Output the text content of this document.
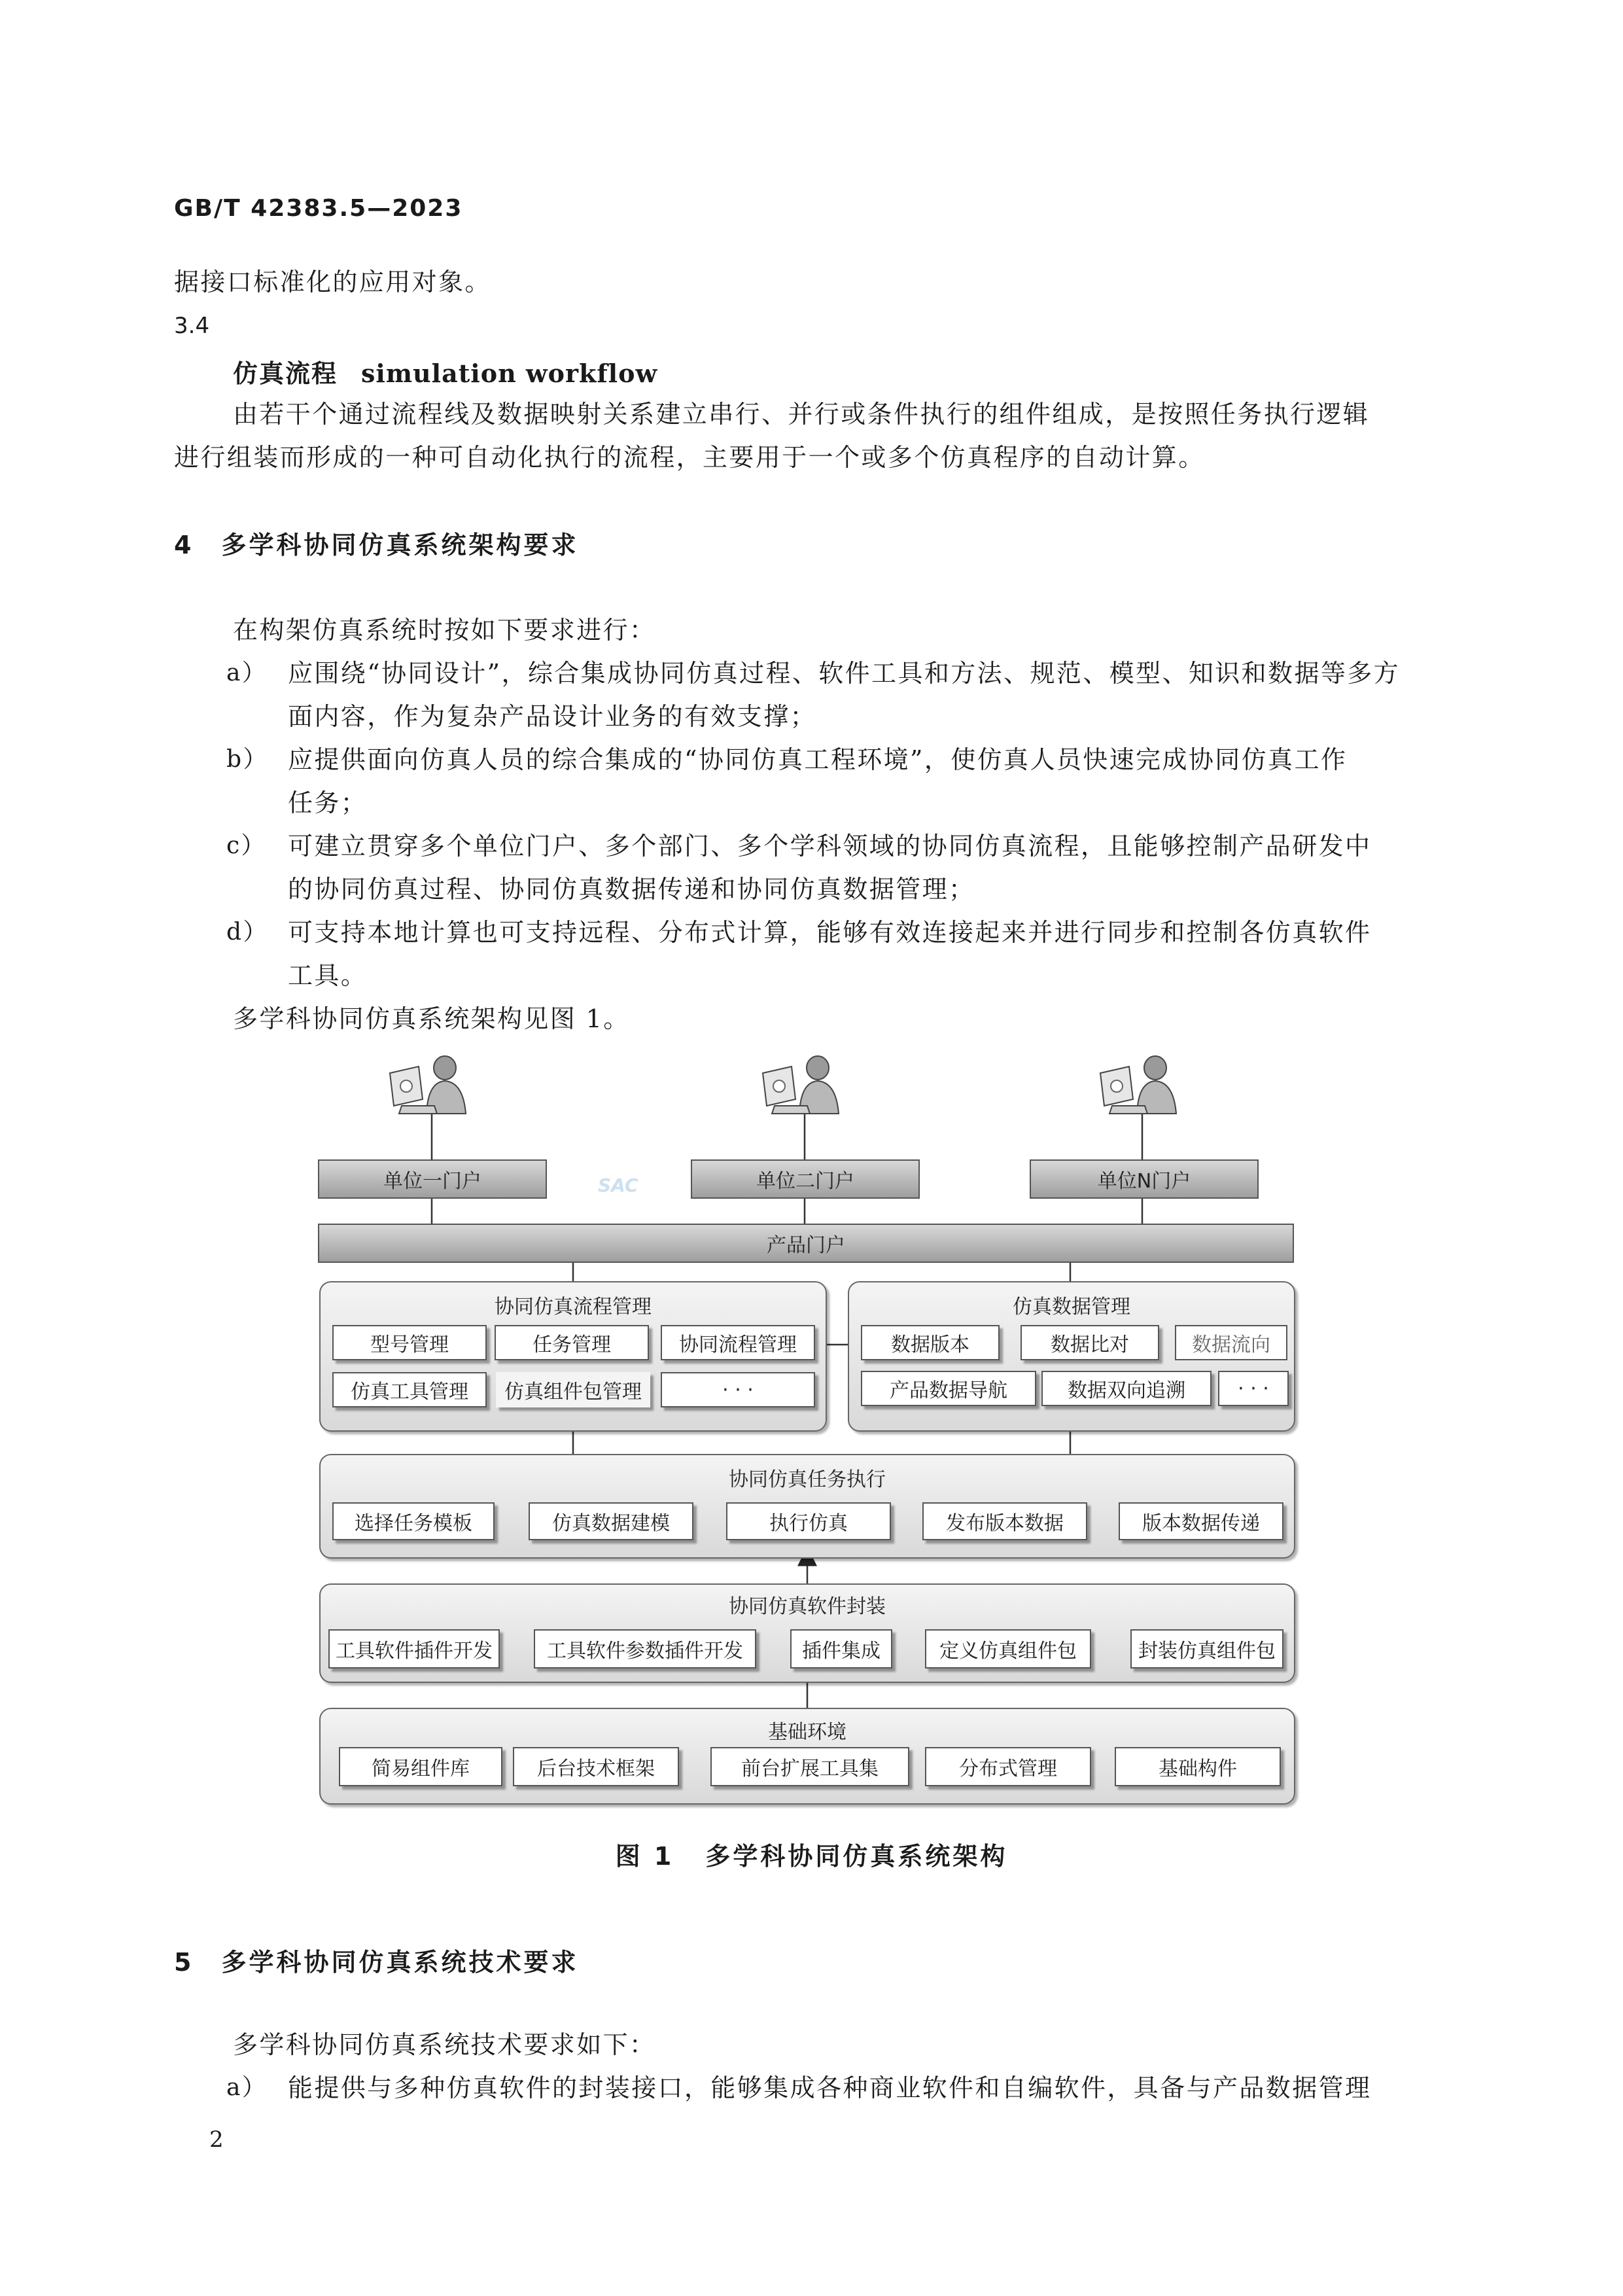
GB/T 42383.5—2023
据接口标准化的应用对象。
3.4
仿真流程 simulation workflow
由若干个通过流程线及数据映射关系建立串行、并行或条件执行的组件组成，是按照任务执行逻辑
进行组装而形成的一种可自动化执行的流程，主要用于一个或多个仿真程序的自动计算。
4 多学科协同仿真系统架构要求
在构架仿真系统时按如下要求进行：
a） 应围绕“协同设计”，综合集成协同仿真过程、软件工具和方法、规范、模型、知识和数据等多方
面内容，作为复杂产品设计业务的有效支撑；
b） 应提供面向仿真人员的综合集成的“协同仿真工程环境”，使仿真人员快速完成协同仿真工作
任务；
c） 可建立贯穿多个单位门户、多个部门、多个学科领域的协同仿真流程，且能够控制产品研发中
的协同仿真过程、协同仿真数据传递和协同仿真数据管理；
d） 可支持本地计算也可支持远程、分布式计算，能够有效连接起来并进行同步和控制各仿真软件
工具。
多学科协同仿真系统架构见图 1。
单位一门户	单位二门户	单位N门户
SAC
产品门户
协同仿真流程管理
型号管理	任务管理	协同流程管理
仿真工具管理	仿真组件包管理	· · ·
仿真数据管理
数据版本	数据比对	数据流向
产品数据导航	数据双向追溯	· · ·
协同仿真任务执行
选择任务模板	仿真数据建模	执行仿真	发布版本数据	版本数据传递
协同仿真软件封装
工具软件插件开发	工具软件参数插件开发	插件集成	定义仿真组件包	封装仿真组件包
基础环境
简易组件库	后台技术框架	前台扩展工具集	分布式管理	基础构件
图 1 多学科协同仿真系统架构
5 多学科协同仿真系统技术要求
多学科协同仿真系统技术要求如下：
a） 能提供与多种仿真软件的封装接口，能够集成各种商业软件和自编软件，具备与产品数据管理
2
